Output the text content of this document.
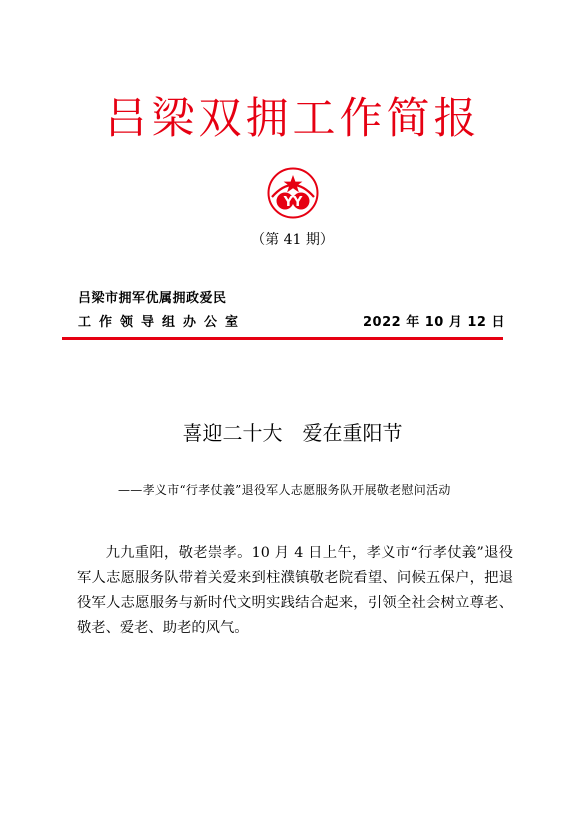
吕梁双拥工作简报
YY
（第 41 期）
吕梁市拥军优属拥政爱民
工作领导组办公室	2022 年 10 月 12 日
喜迎二十大　爱在重阳节
——孝义市“行孝仗義”退役军人志愿服务队开展敬老慰问活动

九九重阳，敬老崇孝。10 月 4 日上午，孝义市“行孝仗義”退役军人志愿服务队带着关爱来到柱濮镇敬老院看望、问候五保户，把退役军人志愿服务与新时代文明实践结合起来，引领全社会树立尊老、敬老、爱老、助老的风气。
